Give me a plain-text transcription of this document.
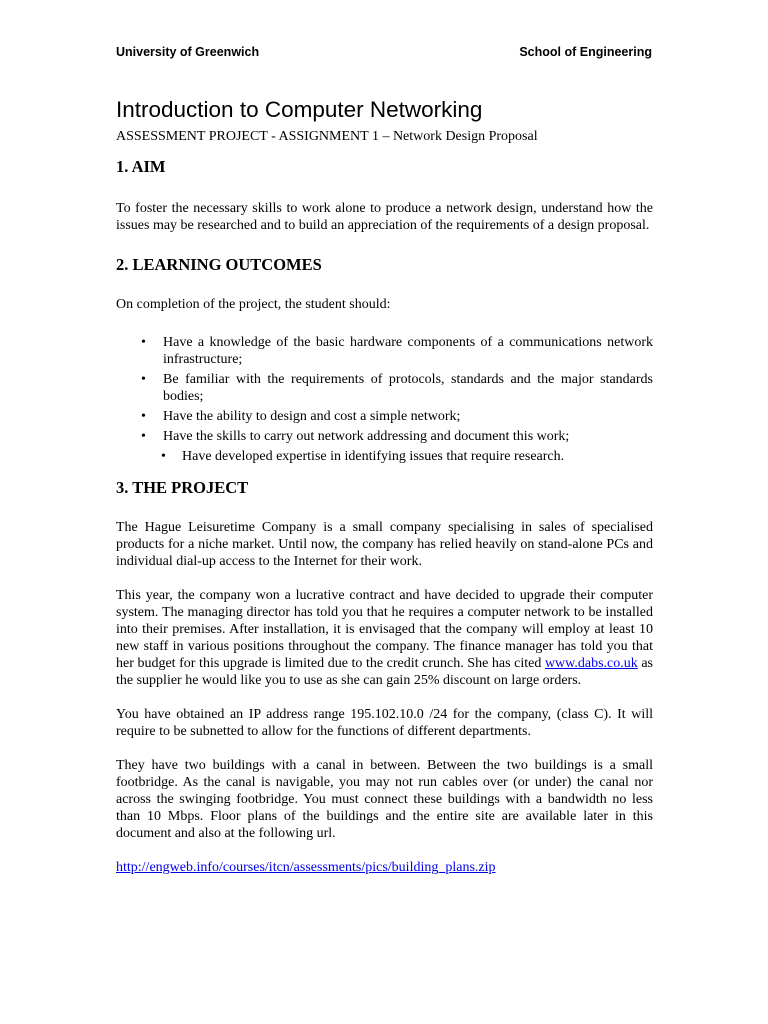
University of Greenwich	School of Engineering
Introduction to Computer Networking
ASSESSMENT PROJECT - ASSIGNMENT 1 – Network Design Proposal
1. AIM

To foster the necessary skills to work alone to produce a network design, understand how the issues may be researched and to build an appreciation of the requirements of a design proposal.

2. LEARNING OUTCOMES

On completion of the project, the student should:

• Have a knowledge of the basic hardware components of a communications network infrastructure;
• Be familiar with the requirements of protocols, standards and the major standards bodies;
• Have the ability to design and cost a simple network;
• Have the skills to carry out network addressing and document this work;
• Have developed expertise in identifying issues that require research.
3. THE PROJECT

The Hague Leisuretime Company is a small company specialising in sales of specialised products for a niche market. Until now, the company has relied heavily on stand-alone PCs and individual dial-up access to the Internet for their work.

This year, the company won a lucrative contract and have decided to upgrade their computer system. The managing director has told you that he requires a computer network to be installed into their premises. After installation, it is envisaged that the company will employ at least 10 new staff in various positions throughout the company. The finance manager has told you that her budget for this upgrade is limited due to the credit crunch. She has cited www.dabs.co.uk as the supplier he would like you to use as she can gain 25% discount on large orders.

You have obtained an IP address range 195.102.10.0 /24 for the company, (class C). It will require to be subnetted to allow for the functions of different departments.

They have two buildings with a canal in between. Between the two buildings is a small footbridge. As the canal is navigable, you may not run cables over (or under) the canal nor across the swinging footbridge. You must connect these buildings with a bandwidth no less than 10 Mbps. Floor plans of the buildings and the entire site are available later in this document and also at the following url.

http://engweb.info/courses/itcn/assessments/pics/building_plans.zip
